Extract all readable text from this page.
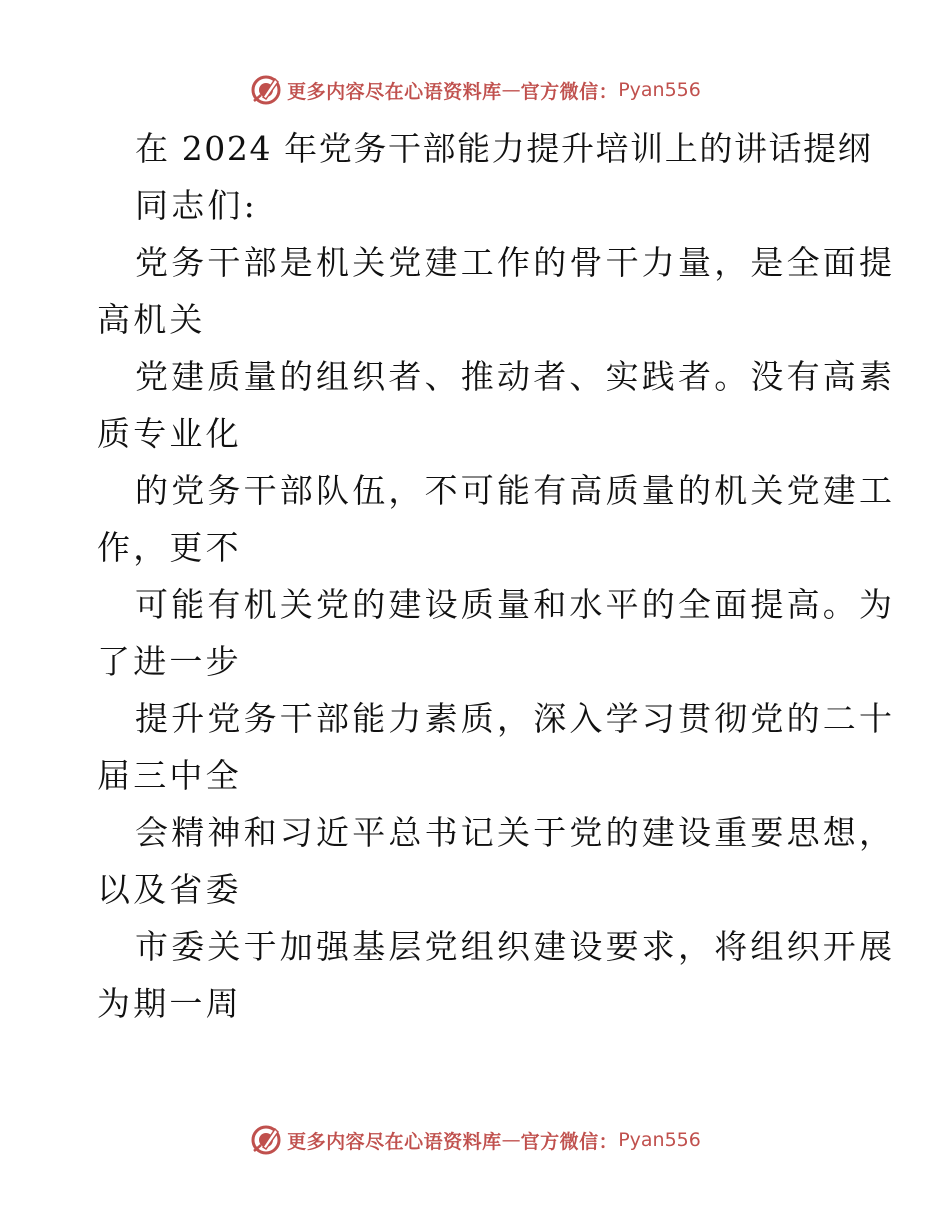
更多内容尽在心语资料库 — 官方微信： Pyan556
在 2024 年党务干部能力提升培训上的讲话提纲
同志们:
党务干部是机关党建工作的骨干力量，是全面提
高机关
党建质量的组织者、推动者、实践者。没有高素
质专业化
的党务干部队伍，不可能有高质量的机关党建工
作，更不
可能有机关党的建设质量和水平的全面提高。为
了进一步
提升党务干部能力素质，深入学习贯彻党的二十
届三中全
会精神和习近平总书记关于党的建设重要思想，
以及省委
市委关于加强基层党组织建设要求，将组织开展
为期一周
更多内容尽在心语资料库 — 官方微信： Pyan556
